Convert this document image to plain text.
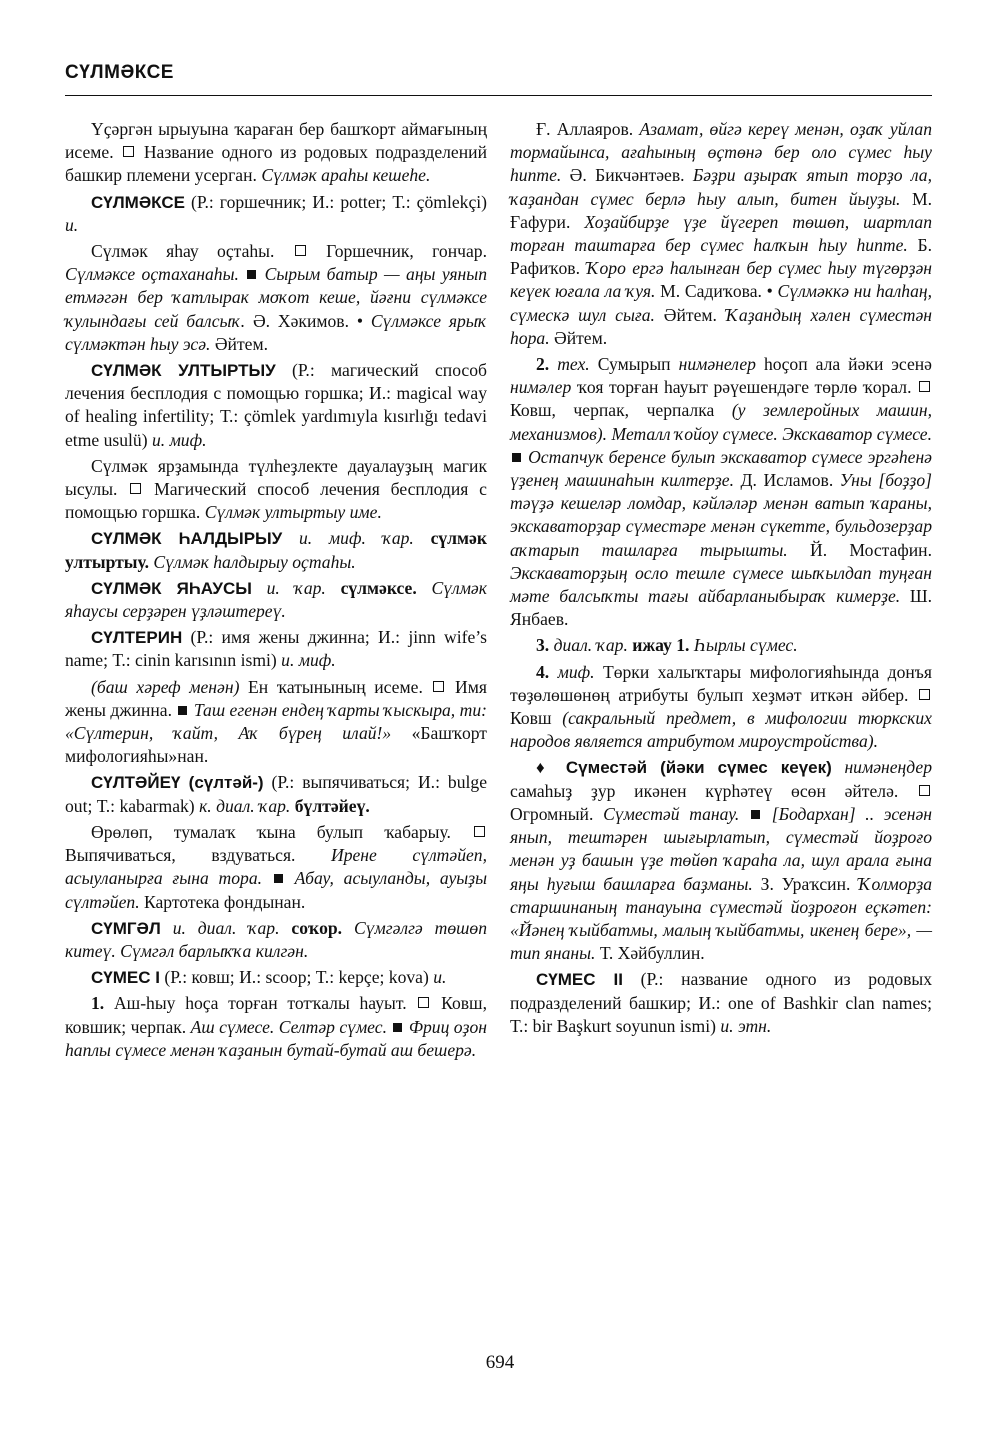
СҮЛМӘКСЕ

Үҫәргән ырыуына ҡараған бер башҡорт аймағының исеме.  Название одного из родовых подразделений башкир племени усерган. Сүлмәк араһы кешеһе.

СҮЛМӘКСЕ (Р.: горшечник; И.: potter; Т.: çömlekçi) и.

Сүлмәк яһау оҫтаһы.  Горшечник, гончар. Сүлмәксе оҫтаханаһы. Сырым батыр — аңы уянып етмәгән бер ҡатлырак моҡот кеше, йәғни сүлмәксе ҡулындағы сей балсыҡ. Ә. Хәкимов. • Сүлмәксе ярыҡ сүлмәктән һыу эсә. Әйтем.

СҮЛМӘК УЛТЫРТЫУ (Р.: магический способ лечения бесплодия с помощью горшка; И.: magical way of healing infertility; Т.: çömlek yardımıyla kısırlığı tedavi etme usulü) и. миф.

Сүлмәк ярҙамында түлһеҙлекте дауалауҙың магик ысулы.  Магический способ лечения бесплодия с помощью горшка. Сүлмәк ултыртыу име.

СҮЛМӘК ҺАЛДЫРЫУ и. миф. ҡар. сүлмәк ултыртыу. Сүлмәк һалдырыу оҫтаһы.

СҮЛМӘК ЯҺАУСЫ и. ҡар. сүлмәксе. Сүлмәк яһаусы серҙәрен үҙләштереү.

СҮЛТЕРИН (Р.: имя жены джинна; И.: jinn wife’s name; Т.: cinin karısının ismi) и. миф.

(баш хәреф менән) Ен ҡатынының исеме.  Имя жены джинна.  Таш егенән ендең ҡарты ҡыскыра, ти: «Сүлтерин, ҡайт, Аҡ бүрең илай!» «Башҡорт мифологияһы»нан.

СҮЛТӘЙЕҮ (сүлтәй-) (Р.: выпячиваться; И.: bulge out; Т.: kabarmak) к. диал. ҡар. бүлтәйеү.

Өрөлөп, тумалаҡ ҡына булып ҡабарыу.  Выпячиваться, вздуваться. Ирене сүлтәйеп, асыуланырға ғына тора. Абау, асыуланды, ауыҙы сүлтәйеп. Картотека фондынан.

СҮМГӘЛ и. диал. ҡар. соҡор. Сүмгәлгә төшөп китеү. Сүмгәл барлыҡҡа килгән.

СҮМЕС I (Р.: ковш; И.: scoop; Т.: kepçe; kova) и.

1. Аш-һыу һоҫа торған тотҡалы һауыт.  Ковш, ковшик; черпак. Аш сүмесе. Селтәр сүмес. Фриц оҙон һаплы сүмесе менән ҡаҙанын бутай-бутай аш бешерә.

Ғ. Аллаяров. Азамат, өйгә кереү менән, оҙаҡ уйлап тормайынса, ағаһының өҫтөнә бер оло сүмес һыу һипте. Ә. Бикчәнтәев. Бәҙри аҙыраҡ ятып торҙо ла, ҡаҙандан сүмес берлә һыу алып, битен йыуҙы. М. Ғафури. Хоҙайбирҙе үҙе йүгереп төшөп, шартлап торған таштарға бер сүмес һалҡын һыу һипте. Б. Рафиҡов. Ҡоро ергә һалынған бер сүмес һыу түгөрҙән кеүек юғала ла ҡуя. М. Садиҡова. • Сүлмәккә ни һалһаң, сүмескә шул сыға. Әйтем. Ҡаҙандың хәлен сүместән һора. Әйтем.

2. тех. Сумырып нимәнелер һоҫоп ала йәки эсенә нимәлер ҡоя торған һауыт рәүешендәге төрлө ҡорал.  Ковш, черпак, черпалка (у землеройных машин, механизмов). Металл ҡойоу сүмесе. Экскаватор сүмесе.  Остапчук беренсе булып экскаватор сүмесе эргәһенә үҙенең машинаһын килтерҙе. Д. Исламов. Уны [боҙҙо] тәүҙә кешеләр ломдар, кәйләләр менән ватып ҡараны, экскаваторҙар сүместәре менән сүкетте, бульдозерҙар аҡтарып ташларға тырышты. Й. Мостафин. Экскаваторҙың осло тешле сүмесе шыҡылдап туңған мәте балсыҡты тағы айбарланыбыраҡ кимерҙе. Ш. Янбаев.

3. диал. ҡар. ижау 1. Һырлы сүмес.

4. миф. Төрки халыҡтары мифологияһында донъя төҙөлөшөнөң атрибуты булып хеҙмәт иткән әйбер.  Ковш (сакральный предмет, в мифологии тюркских народов является атрибутом мироустройства).

♦ Сүместәй (йәки сүмес кеүек) нимәнеңдер самаһыҙ ҙур икәнен күрһәтеү өсөн әйтелә.  Огромный. Сүместәй танау. [Бодархан] .. эсенән янып, тештәрен шығырлатып, сүместәй йоҙроғо менән уҙ башын үҙе төйөп ҡараһа ла, шул арала ғына яңы һуғыш башларға баҙманы. З. Ураҡсин. Ҡолморҙа старшинаның танауына сүместәй йоҙроғон еҫкәтеп: «Йәнең ҡыйбатмы, малың ҡыйбатмы, икенең бере», — тип янаны. Т. Хәйбуллин.

СҮМЕС II (Р.: название одного из родовых подразделений башкир; И.: one of Bashkir clan names; Т.: bir Başkurt soyunun ismi) и. этн.

694
